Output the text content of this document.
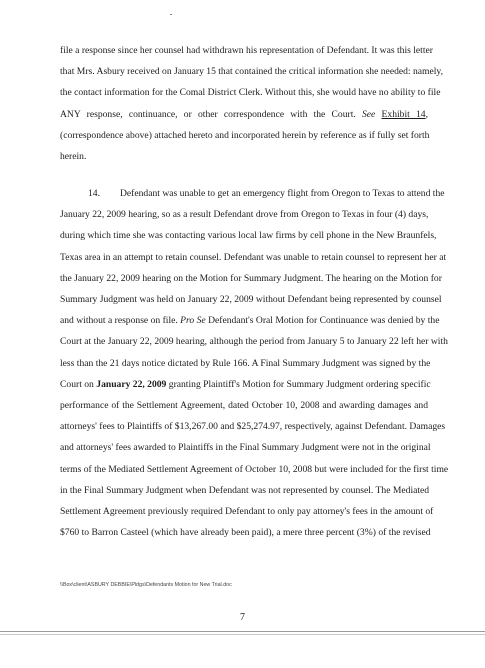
file a response since her counsel had withdrawn his representation of Defendant. It was this letter
that Mrs. Asbury received on January 15 that contained the critical information she needed: namely,
the contact information for the Comal District Clerk. Without this, she would have no ability to file
ANY response, continuance, or other correspondence with the Court. See Exhibit 14,
(correspondence above) attached hereto and incorporated herein by reference as if fully set forth
herein.
14. Defendant was unable to get an emergency flight from Oregon to Texas to attend the
January 22, 2009 hearing, so as a result Defendant drove from Oregon to Texas in four (4) days,
during which time she was contacting various local law firms by cell phone in the New Braunfels,
Texas area in an attempt to retain counsel. Defendant was unable to retain counsel to represent her at
the January 22, 2009 hearing on the Motion for Summary Judgment. The hearing on the Motion for
Summary Judgment was held on January 22, 2009 without Defendant being represented by counsel
and without a response on file. Pro Se Defendant's Oral Motion for Continuance was denied by the
Court at the January 22, 2009 hearing, although the period from January 5 to January 22 left her with
less than the 21 days notice dictated by Rule 166. A Final Summary Judgment was signed by the
Court on January 22, 2009 granting Plaintiff's Motion for Summary Judgment ordering specific
performance of the Settlement Agreement, dated October 10, 2008 and awarding damages and
attorneys' fees to Plaintiffs of $13,267.00 and $25,274.97, respectively, against Defendant. Damages
and attorneys' fees awarded to Plaintiffs in the Final Summary Judgment were not in the original
terms of the Mediated Settlement Agreement of October 10, 2008 but were included for the first time
in the Final Summary Judgment when Defendant was not represented by counsel. The Mediated
Settlement Agreement previously required Defendant to only pay attorney's fees in the amount of
$760 to Barron Casteel (which have already been paid), a mere three percent (3%) of the revised
\\Box\client\ASBURY DEBBIE\Pldgs\Defendants Motion for New Trial.doc
7
